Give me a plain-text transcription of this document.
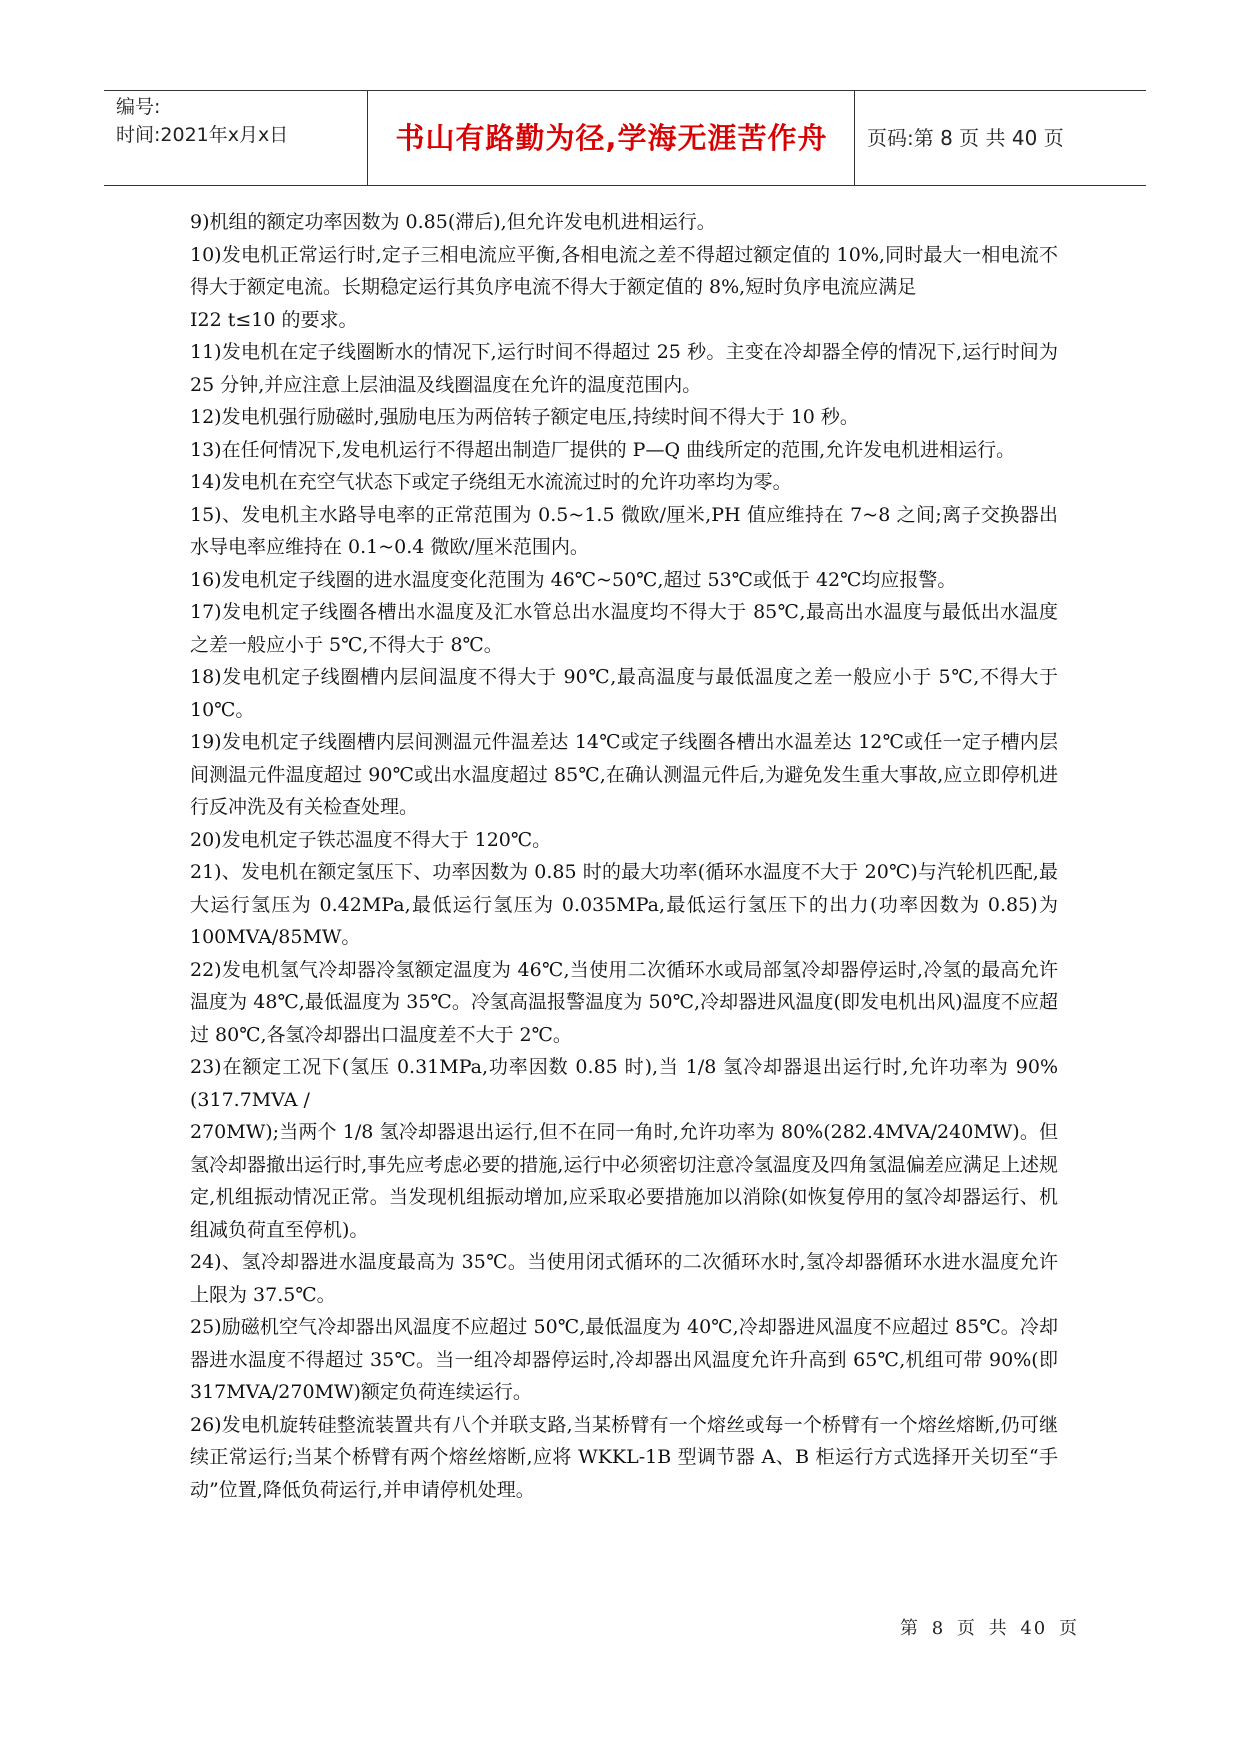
编号:
时间:2021年x月x日	书山有路勤为径,学海无涯苦作舟	页码:第 8 页 共 40 页

9)机组的额定功率因数为 0.85(滞后),但允许发电机进相运行。

10)发电机正常运行时,定子三相电流应平衡,各相电流之差不得超过额定值的 10%,同时最大一相电流不得大于额定电流。长期稳定运行其负序电流不得大于额定值的 8%,短时负序电流应满足

I22 t≤10 的要求。

11)发电机在定子线圈断水的情况下,运行时间不得超过 25 秒。主变在冷却器全停的情况下,运行时间为 25 分钟,并应注意上层油温及线圈温度在允许的温度范围内。

12)发电机强行励磁时,强励电压为两倍转子额定电压,持续时间不得大于 10 秒。

13)在任何情况下,发电机运行不得超出制造厂提供的 P—Q 曲线所定的范围,允许发电机进相运行。

14)发电机在充空气状态下或定子绕组无水流流过时的允许功率均为零。

15)、发电机主水路导电率的正常范围为 0.5~1.5 微欧/厘米,PH 值应维持在 7~8 之间;离子交换器出水导电率应维持在 0.1~0.4 微欧/厘米范围内。

16)发电机定子线圈的进水温度变化范围为 46℃~50℃,超过 53℃或低于 42℃均应报警。

17)发电机定子线圈各槽出水温度及汇水管总出水温度均不得大于 85℃,最高出水温度与最低出水温度之差一般应小于 5℃,不得大于 8℃。

18)发电机定子线圈槽内层间温度不得大于 90℃,最高温度与最低温度之差一般应小于 5℃,不得大于 10℃。

19)发电机定子线圈槽内层间测温元件温差达 14℃或定子线圈各槽出水温差达 12℃或任一定子槽内层间测温元件温度超过 90℃或出水温度超过 85℃,在确认测温元件后,为避免发生重大事故,应立即停机进行反冲洗及有关检查处理。

20)发电机定子铁芯温度不得大于 120℃。

21)、发电机在额定氢压下、功率因数为 0.85 时的最大功率(循环水温度不大于 20℃)与汽轮机匹配,最大运行氢压为 0.42MPa,最低运行氢压为 0.035MPa,最低运行氢压下的出力(功率因数为 0.85)为 100MVA/85MW。

22)发电机氢气冷却器冷氢额定温度为 46℃,当使用二次循环水或局部氢冷却器停运时,冷氢的最高允许温度为 48℃,最低温度为 35℃。冷氢高温报警温度为 50℃,冷却器进风温度(即发电机出风)温度不应超过 80℃,各氢冷却器出口温度差不大于 2℃。

23)在额定工况下(氢压 0.31MPa,功率因数 0.85 时),当 1/8 氢冷却器退出运行时,允许功率为 90%(317.7MVA /

270MW);当两个 1/8 氢冷却器退出运行,但不在同一角时,允许功率为 80%(282.4MVA/240MW)。但氢冷却器撤出运行时,事先应考虑必要的措施,运行中必须密切注意冷氢温度及四角氢温偏差应满足上述规定,机组振动情况正常。当发现机组振动增加,应采取必要措施加以消除(如恢复停用的氢冷却器运行、机组减负荷直至停机)。

24)、氢冷却器进水温度最高为 35℃。当使用闭式循环的二次循环水时,氢冷却器循环水进水温度允许上限为 37.5℃。

25)励磁机空气冷却器出风温度不应超过 50℃,最低温度为 40℃,冷却器进风温度不应超过 85℃。冷却器进水温度不得超过 35℃。当一组冷却器停运时,冷却器出风温度允许升高到 65℃,机组可带 90%(即 317MVA/270MW)额定负荷连续运行。

26)发电机旋转硅整流装置共有八个并联支路,当某桥臂有一个熔丝或每一个桥臂有一个熔丝熔断,仍可继续正常运行;当某个桥臂有两个熔丝熔断,应将 WKKL-1B 型调节器 A、B 柜运行方式选择开关切至“手动”位置,降低负荷运行,并申请停机处理。

第 8 页 共 40 页
